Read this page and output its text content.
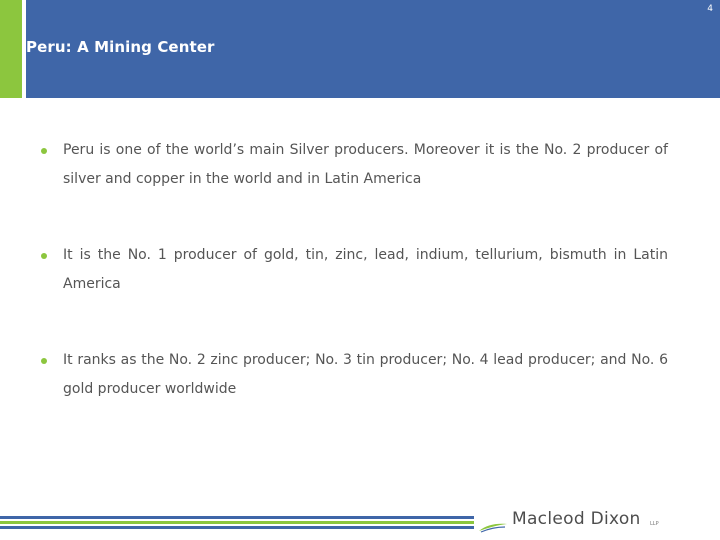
4
Peru: A Mining Center
Peru is one of the world’s main Silver producers. Moreover it is the No. 2 producer of silver and copper in the world and in Latin America
It is the No. 1 producer of gold, tin, zinc, lead, indium, tellurium, bismuth in Latin America
It ranks as the No. 2 zinc producer; No. 3 tin producer; No. 4 lead producer; and No. 6 gold producer worldwide
Macleod Dixon LLP
